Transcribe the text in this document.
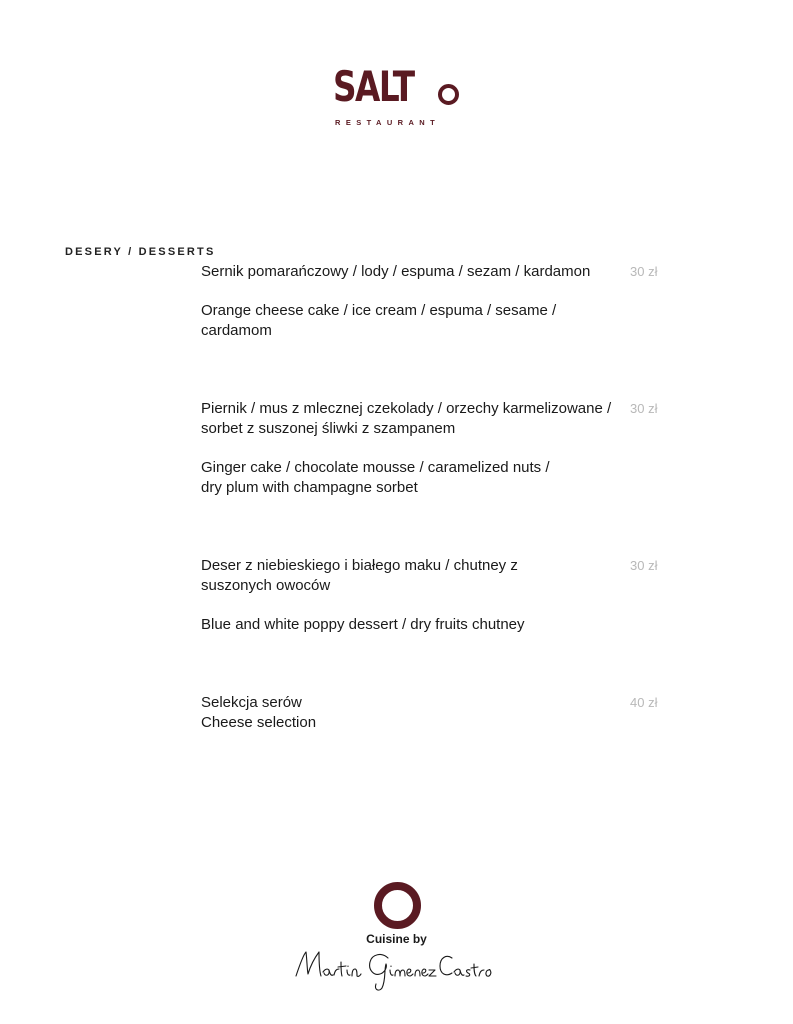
SALT
RESTAURANT
DESERY / DESSERTS

Sernik pomarańczowy / lody / espuma / sezam / kardamon

Orange cheese cake / ice cream / espuma / sesame / cardamom

30 zł

Piernik / mus z mlecznej czekolady / orzechy karmelizowane / sorbet z suszonej śliwki z szampanem

Ginger cake / chocolate mousse / caramelized nuts / dry plum with champagne sorbet

30 zł

Deser z niebieskiego i białego maku / chutney z suszonych owoców

Blue and white poppy dessert / dry fruits chutney

30 zł

Selekcja serów

Cheese selection

40 zł
Cuisine by
